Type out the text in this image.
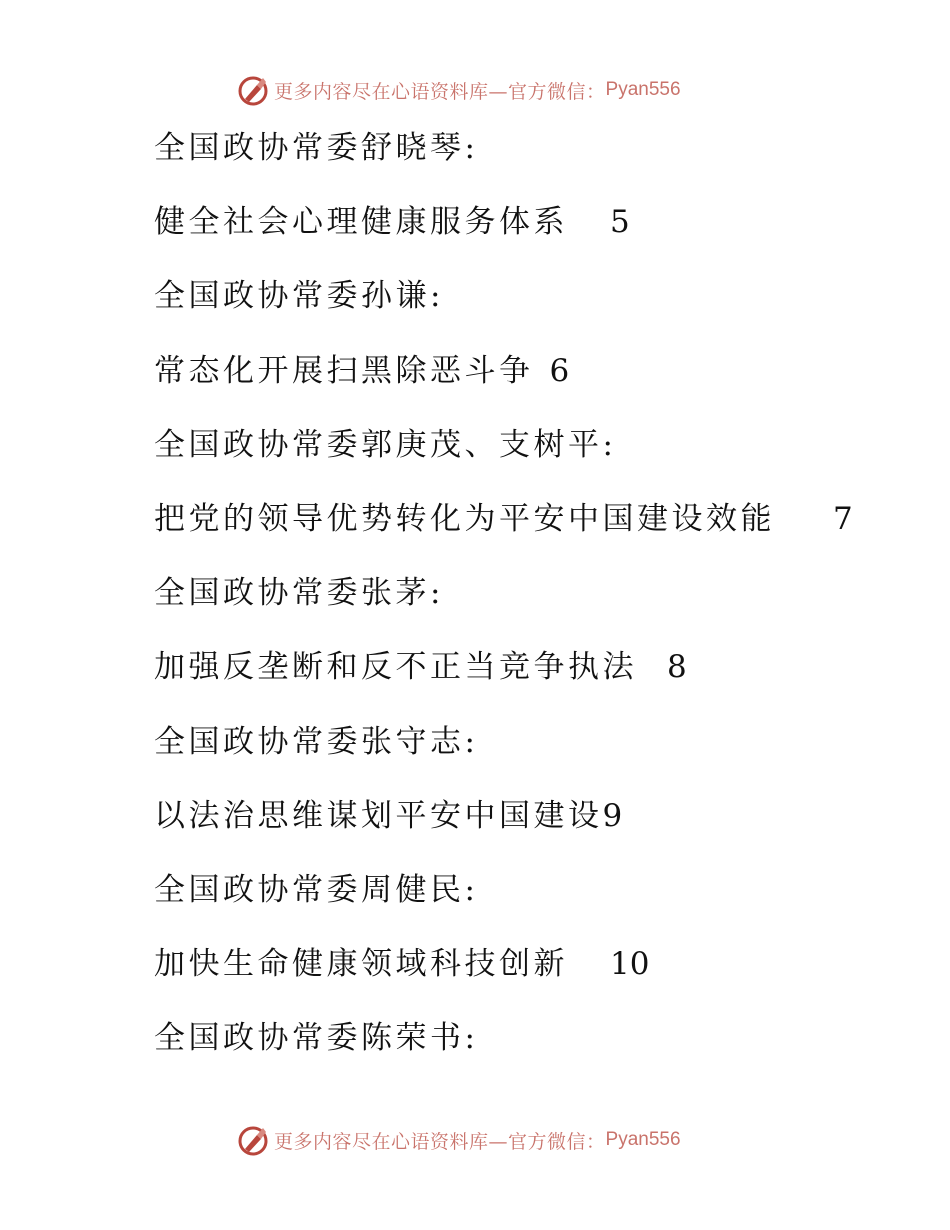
更多内容尽在心语资料库—官方微信： Pyan556
全国政协常委舒晓琴:
健全社会心理健康服务体系 5
全国政协常委孙谦:
常态化开展扫黑除恶斗争 6
全国政协常委郭庚茂、支树平:
把党的领导优势转化为平安中国建设效能 7
全国政协常委张茅:
加强反垄断和反不正当竞争执法 8
全国政协常委张守志:
以法治思维谋划平安中国建设 9
全国政协常委周健民:
加快生命健康领域科技创新 10
全国政协常委陈荣书:
更多内容尽在心语资料库—官方微信： Pyan556
